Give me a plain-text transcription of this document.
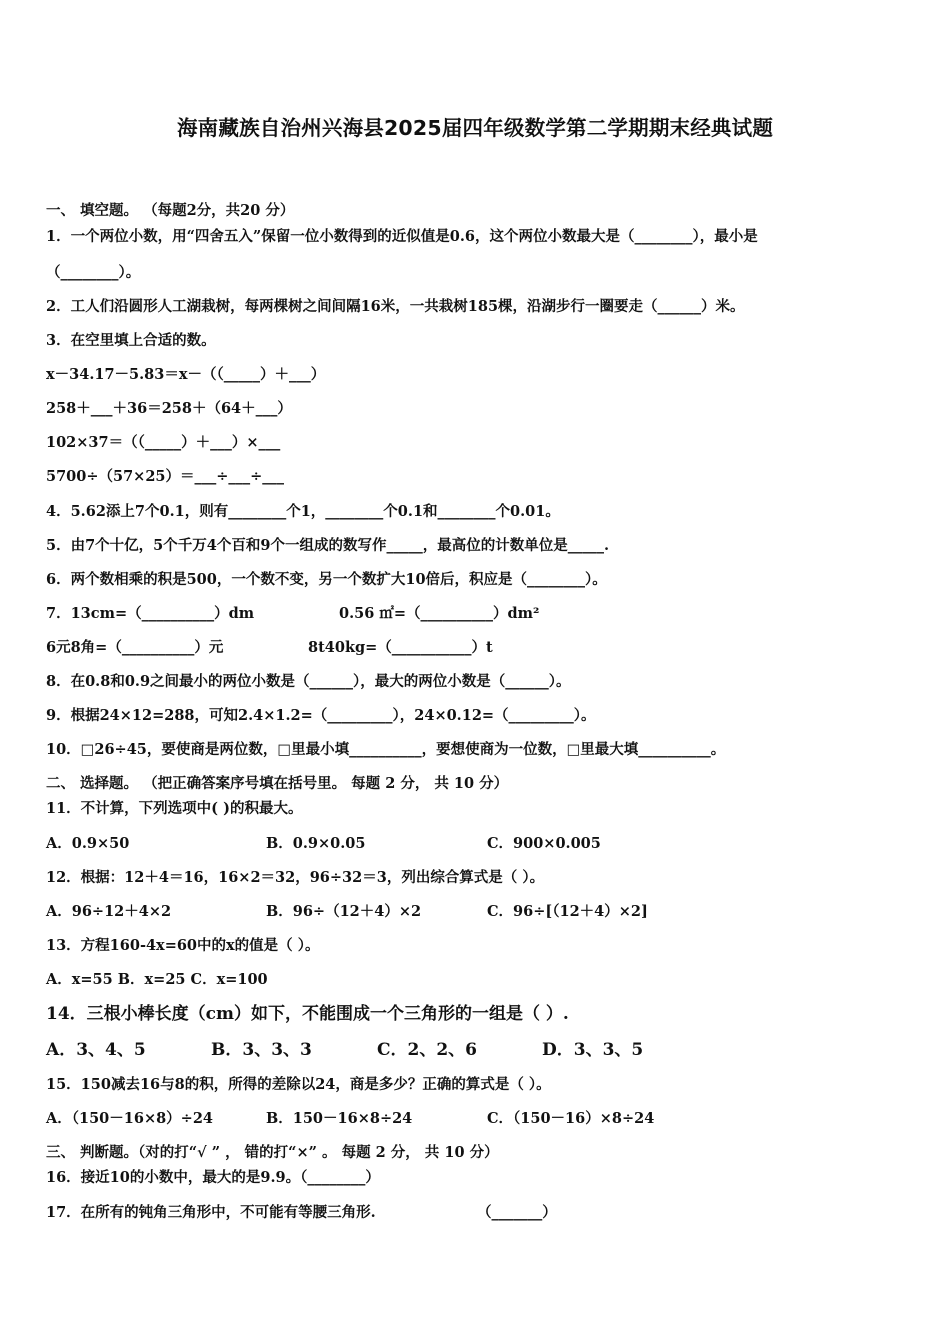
海南藏族自治州兴海县2025届四年级数学第二学期期末经典试题
一、 填空题。 （每题2分，共20 分）
1．一个两位小数，用“四舍五入”保留一位小数得到的近似值是0.6，这个两位小数最大是（________），最小是
（________）。
2．工人们沿圆形人工湖栽树，每两棵树之间间隔16米，一共栽树185棵，沿湖步行一圈要走（______）米。
3．在空里填上合适的数。
x－34.17－5.83＝x－（（_____）＋___）
258＋___＋36＝258＋（64＋___）
102×37＝（（_____）＋___）×___
5700÷（57×25）＝___÷___÷___
4．5.62添上7个0.1，则有________个1，________个0.1和________个0.01。
5．由7个十亿，5个千万4个百和9个一组成的数写作_____，最高位的计数单位是_____.
6．两个数相乘的积是500，一个数不变，另一个数扩大10倍后，积应是（________）。
7．13cm=（__________）dm	0.56 ㎡=（__________）dm²
6元8角=（__________）元	8t40kg=（___________）t
8．在0.8和0.9之间最小的两位小数是（______），最大的两位小数是（______）。
9．根据24×12=288，可知2.4×1.2=（_________），24×0.12=（_________）。
10．□26÷45，要使商是两位数，□里最小填__________，要想使商为一位数，□里最大填__________。
二、 选择题。 （把正确答案序号填在括号里。 每题 2 分， 共 10 分）
11．不计算，下列选项中( )的积最大。
A．0.9×50	B．0.9×0.05	C．900×0.005
12．根据：12＋4＝16，16×2＝32，96÷32＝3，列出综合算式是（ ）。
A．96÷12＋4×2	B．96÷（12＋4）×2	C．96÷[（12＋4）×2]
13．方程160-4x=60中的x的值是（ ）。
A．x=55 B．x=25 C．x=100
14．三根小棒长度（cm）如下，不能围成一个三角形的一组是（ ）.
A．3、4、5	B．3、3、3	C．2、2、6	D．3、3、5
15．150减去16与8的积，所得的差除以24，商是多少？正确的算式是（ ）。
A．（150－16×8）÷24	B．150－16×8÷24	C．（150－16）×8÷24
三、 判断题。（对的打“√ ” ， 错的打“×” 。 每题 2 分， 共 10 分）
16．接近10的小数中，最大的是9.9。（________）
17．在所有的钝角三角形中，不可能有等腰三角形.	（_______）
